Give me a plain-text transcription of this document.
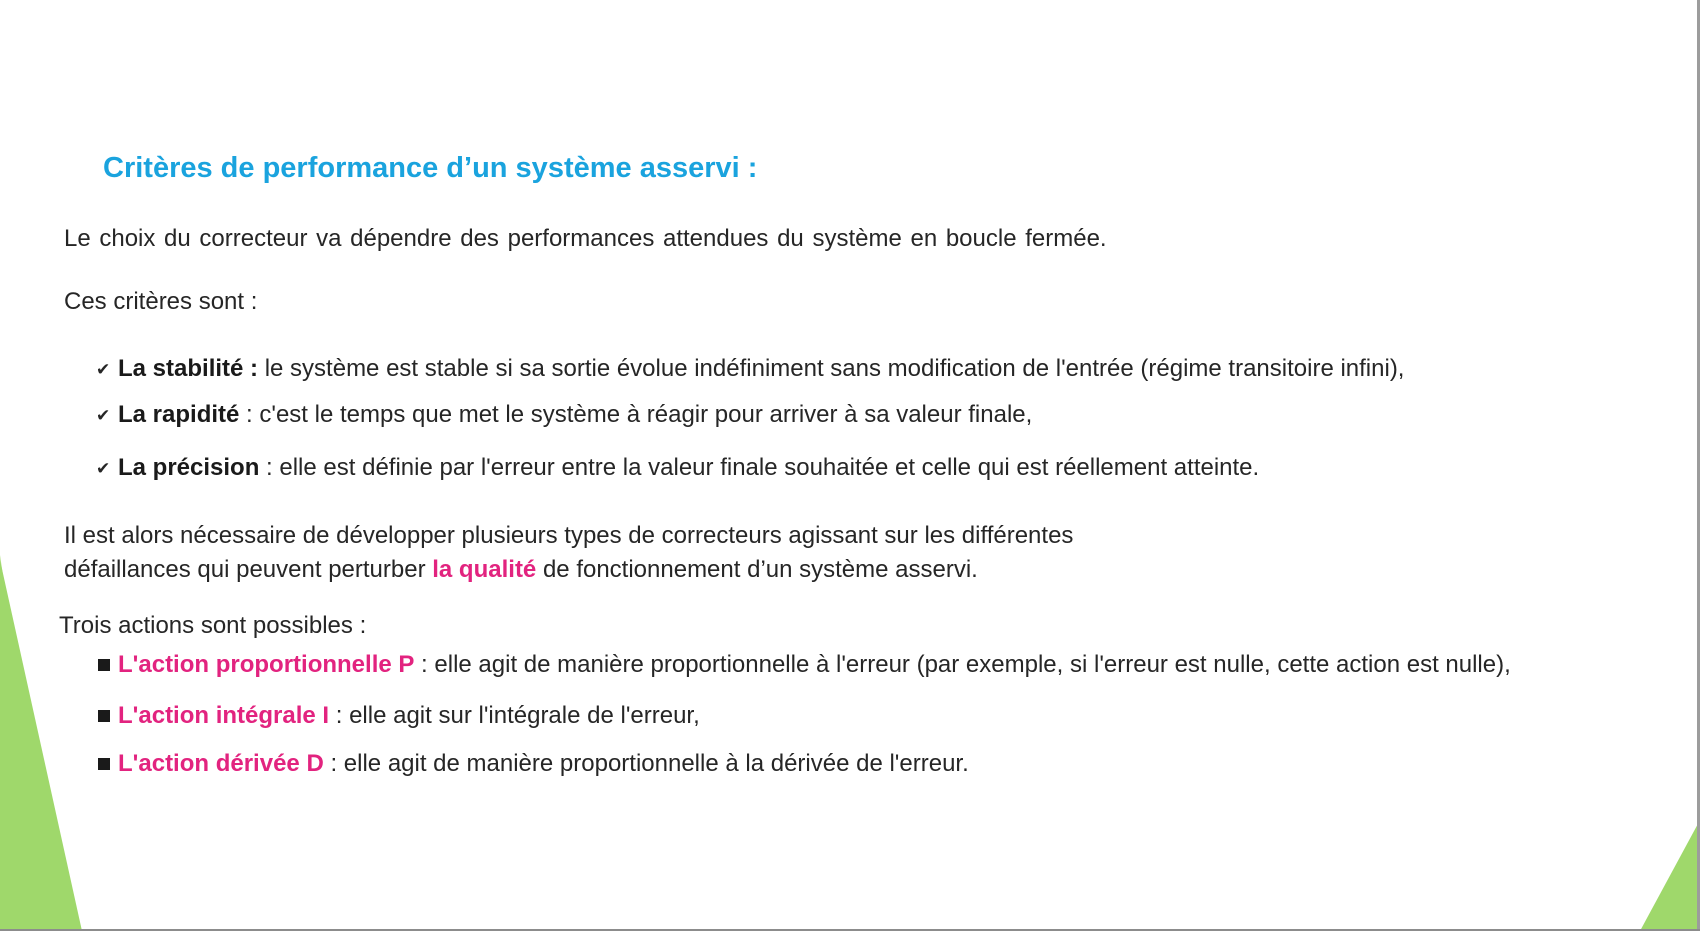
Critères de performance d’un système asservi :

Le choix du correcteur va dépendre des performances attendues du système en boucle fermée.

Ces critères sont :

✔ La stabilité : le système est stable si sa sortie évolue indéfiniment sans modification de l'entrée (régime transitoire infini),
✔ La rapidité : c'est le temps que met le système à réagir pour arriver à sa valeur finale,
✔ La précision : elle est définie par l'erreur entre la valeur finale souhaitée et celle qui est réellement atteinte.

Il est alors nécessaire de développer plusieurs types de correcteurs agissant sur les différentes
défaillances qui peuvent perturber la qualité de fonctionnement d’un système asservi.

Trois actions sont possibles :

L'action proportionnelle P : elle agit de manière proportionnelle à l'erreur (par exemple, si l'erreur est nulle, cette action est nulle),
L'action intégrale I : elle agit sur l'intégrale de l'erreur,
L'action dérivée D : elle agit de manière proportionnelle à la dérivée de l'erreur.
